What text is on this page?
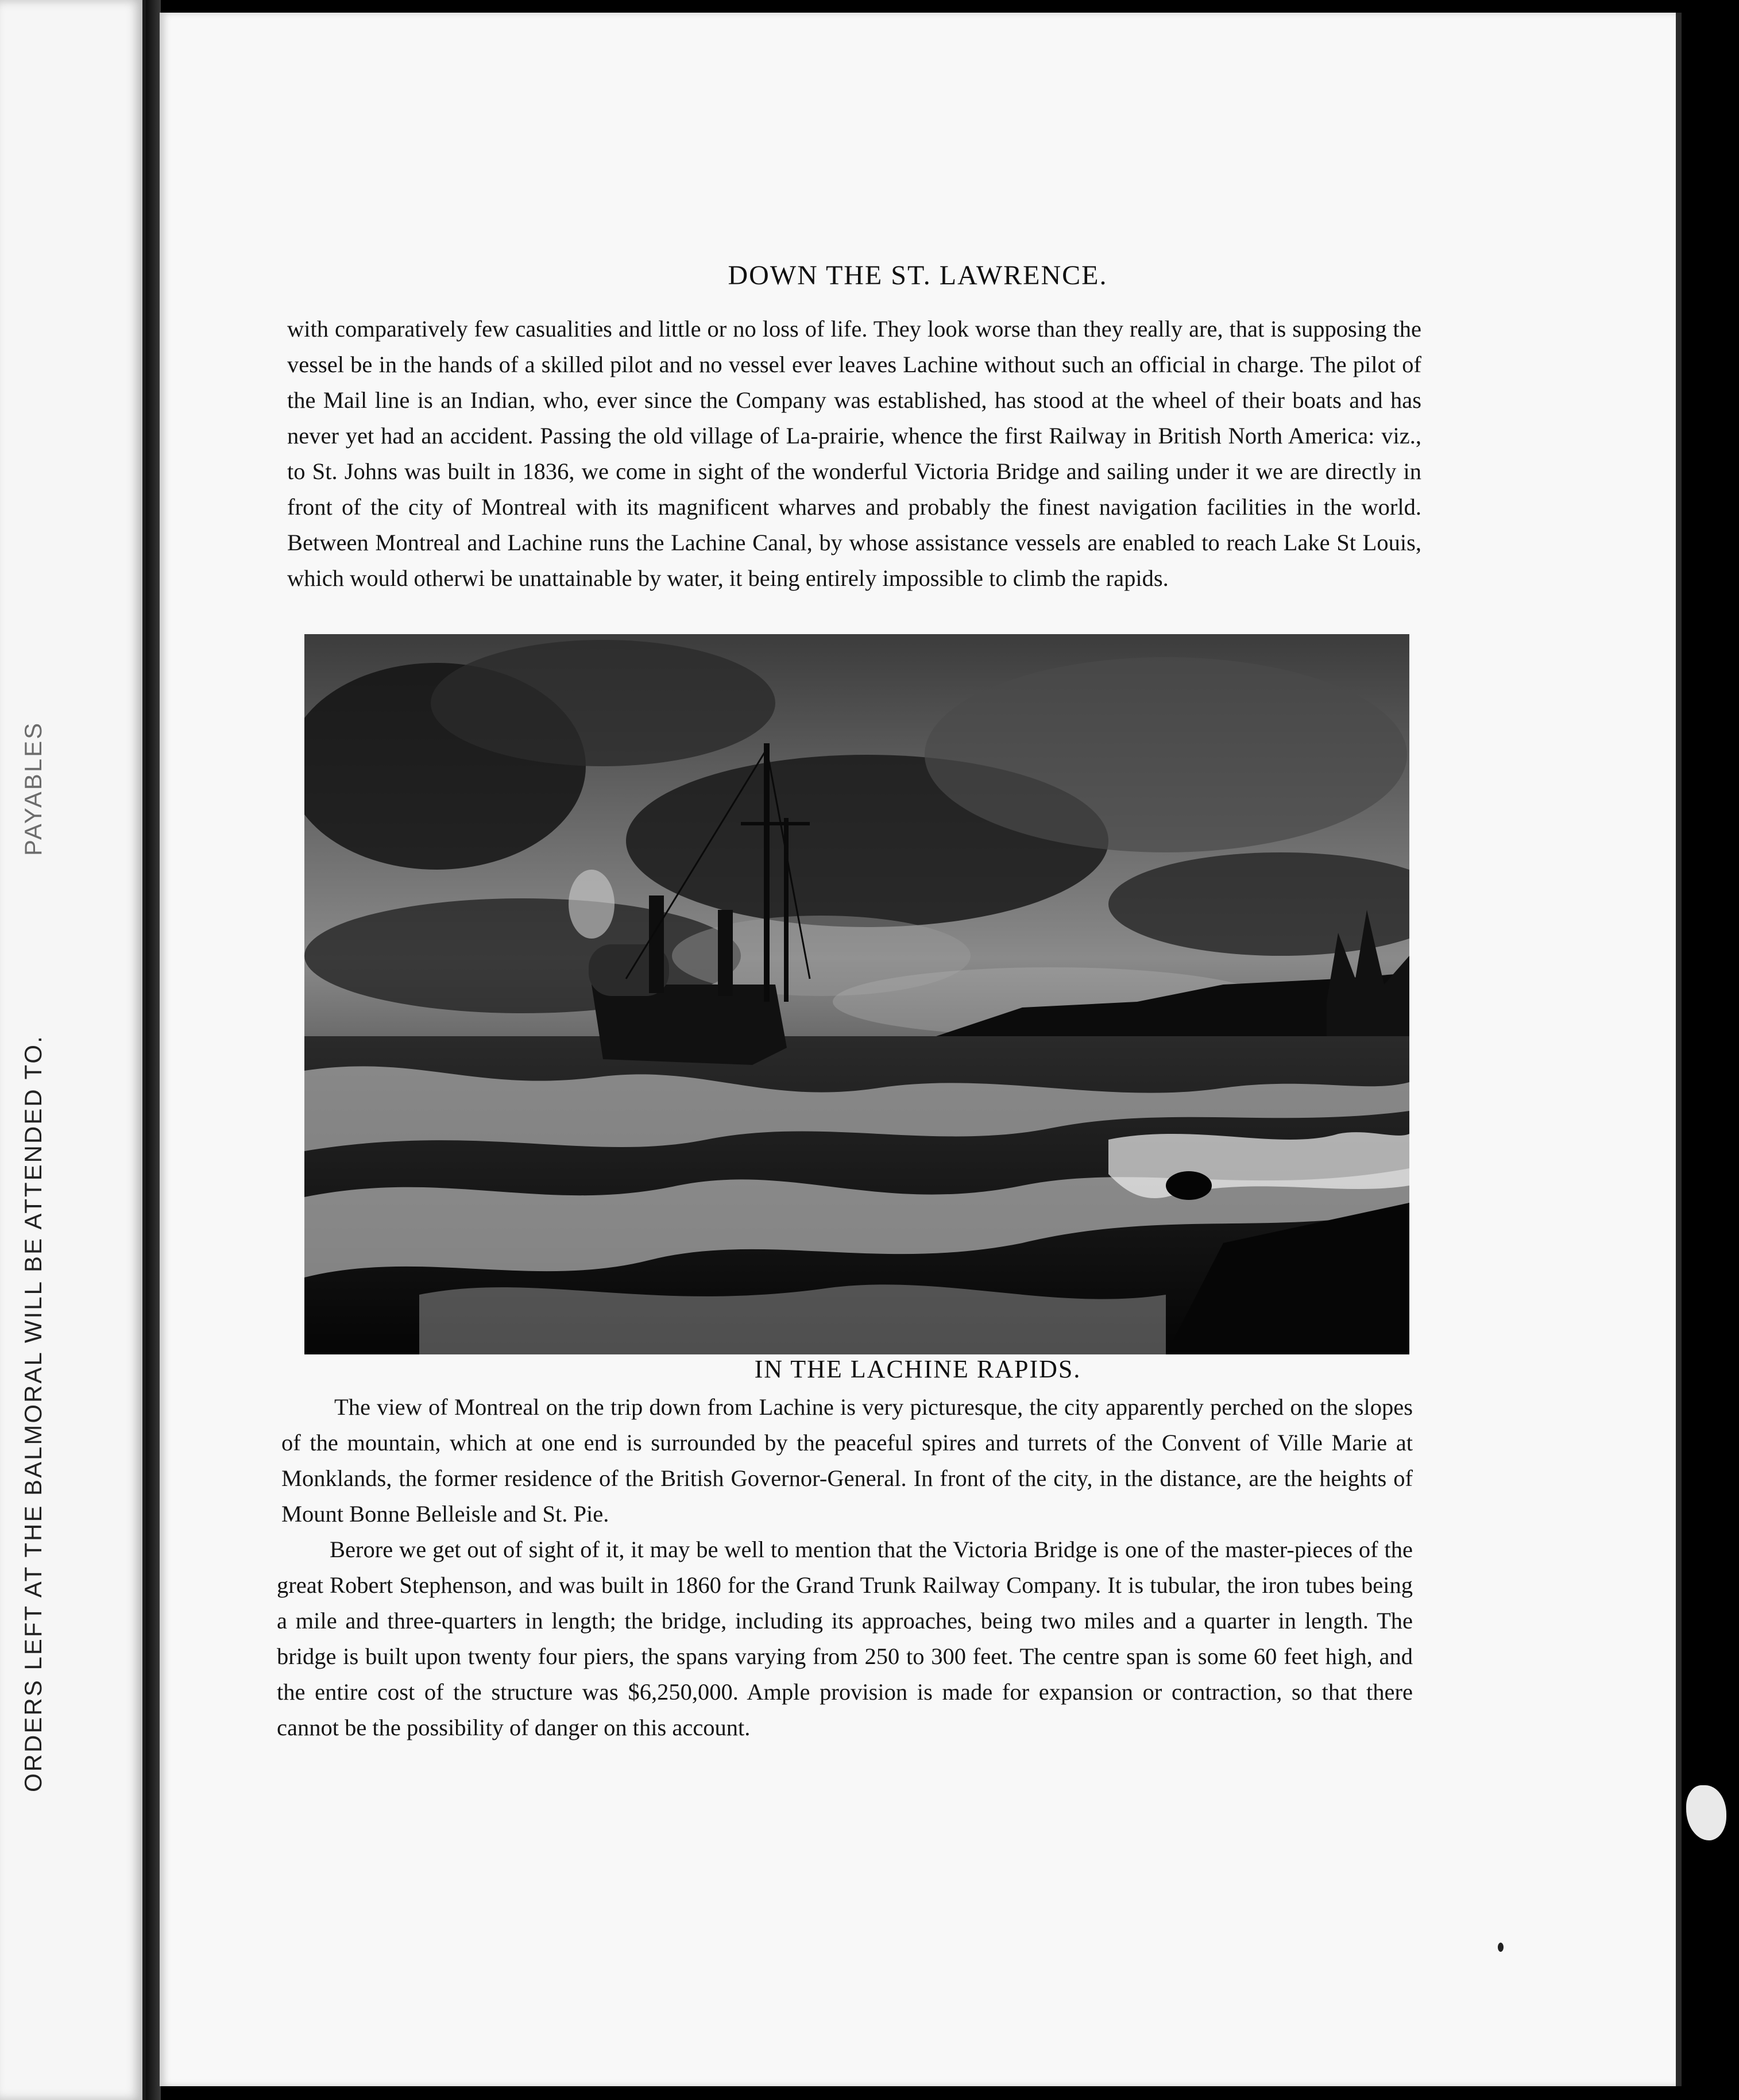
ORDERS LEFT AT THE BALMORAL WILL BE ATTENDED TO.
PAYABLES
DOWN THE ST. LAWRENCE.

with comparatively few casualities and little or no loss of life. They look worse than they really are, that is supposing the vessel be in the hands of a skilled pilot and no vessel ever leaves Lachine without such an official in charge. The pilot of the Mail line is an Indian, who, ever since the Company was established, has stood at the wheel of their boats and has never yet had an accident. Passing the old village of La-prairie, whence the first Railway in British North America: viz., to St. Johns was built in 1836, we come in sight of the wonderful Victoria Bridge and sailing under it we are directly in front of the city of Montreal with its magnificent wharves and probably the finest navigation facilities in the world. Between Montreal and Lachine runs the Lachine Canal, by whose assistance vessels are enabled to reach Lake St Louis, which would otherwi be unattainable by water, it being entirely impossible to climb the rapids.

IN THE LACHINE RAPIDS.

The view of Montreal on the trip down from Lachine is very picturesque, the city apparently perched on the slopes of the mountain, which at one end is surrounded by the peaceful spires and turrets of the Convent of Ville Marie at Monklands, the former residence of the British Governor-General. In front of the city, in the distance, are the heights of Mount Bonne Belleisle and St. Pie.

Berore we get out of sight of it, it may be well to mention that the Victoria Bridge is one of the master-pieces of the great Robert Stephenson, and was built in 1860 for the Grand Trunk Railway Company. It is tubular, the iron tubes being a mile and three-quarters in length; the bridge, including its approaches, being two miles and a quarter in length. The bridge is built upon twenty four piers, the spans varying from 250 to 300 feet. The centre span is some 60 feet high, and the entire cost of the structure was $6,250,000. Ample provision is made for expansion or contraction, so that there cannot be the possibility of danger on this account.
